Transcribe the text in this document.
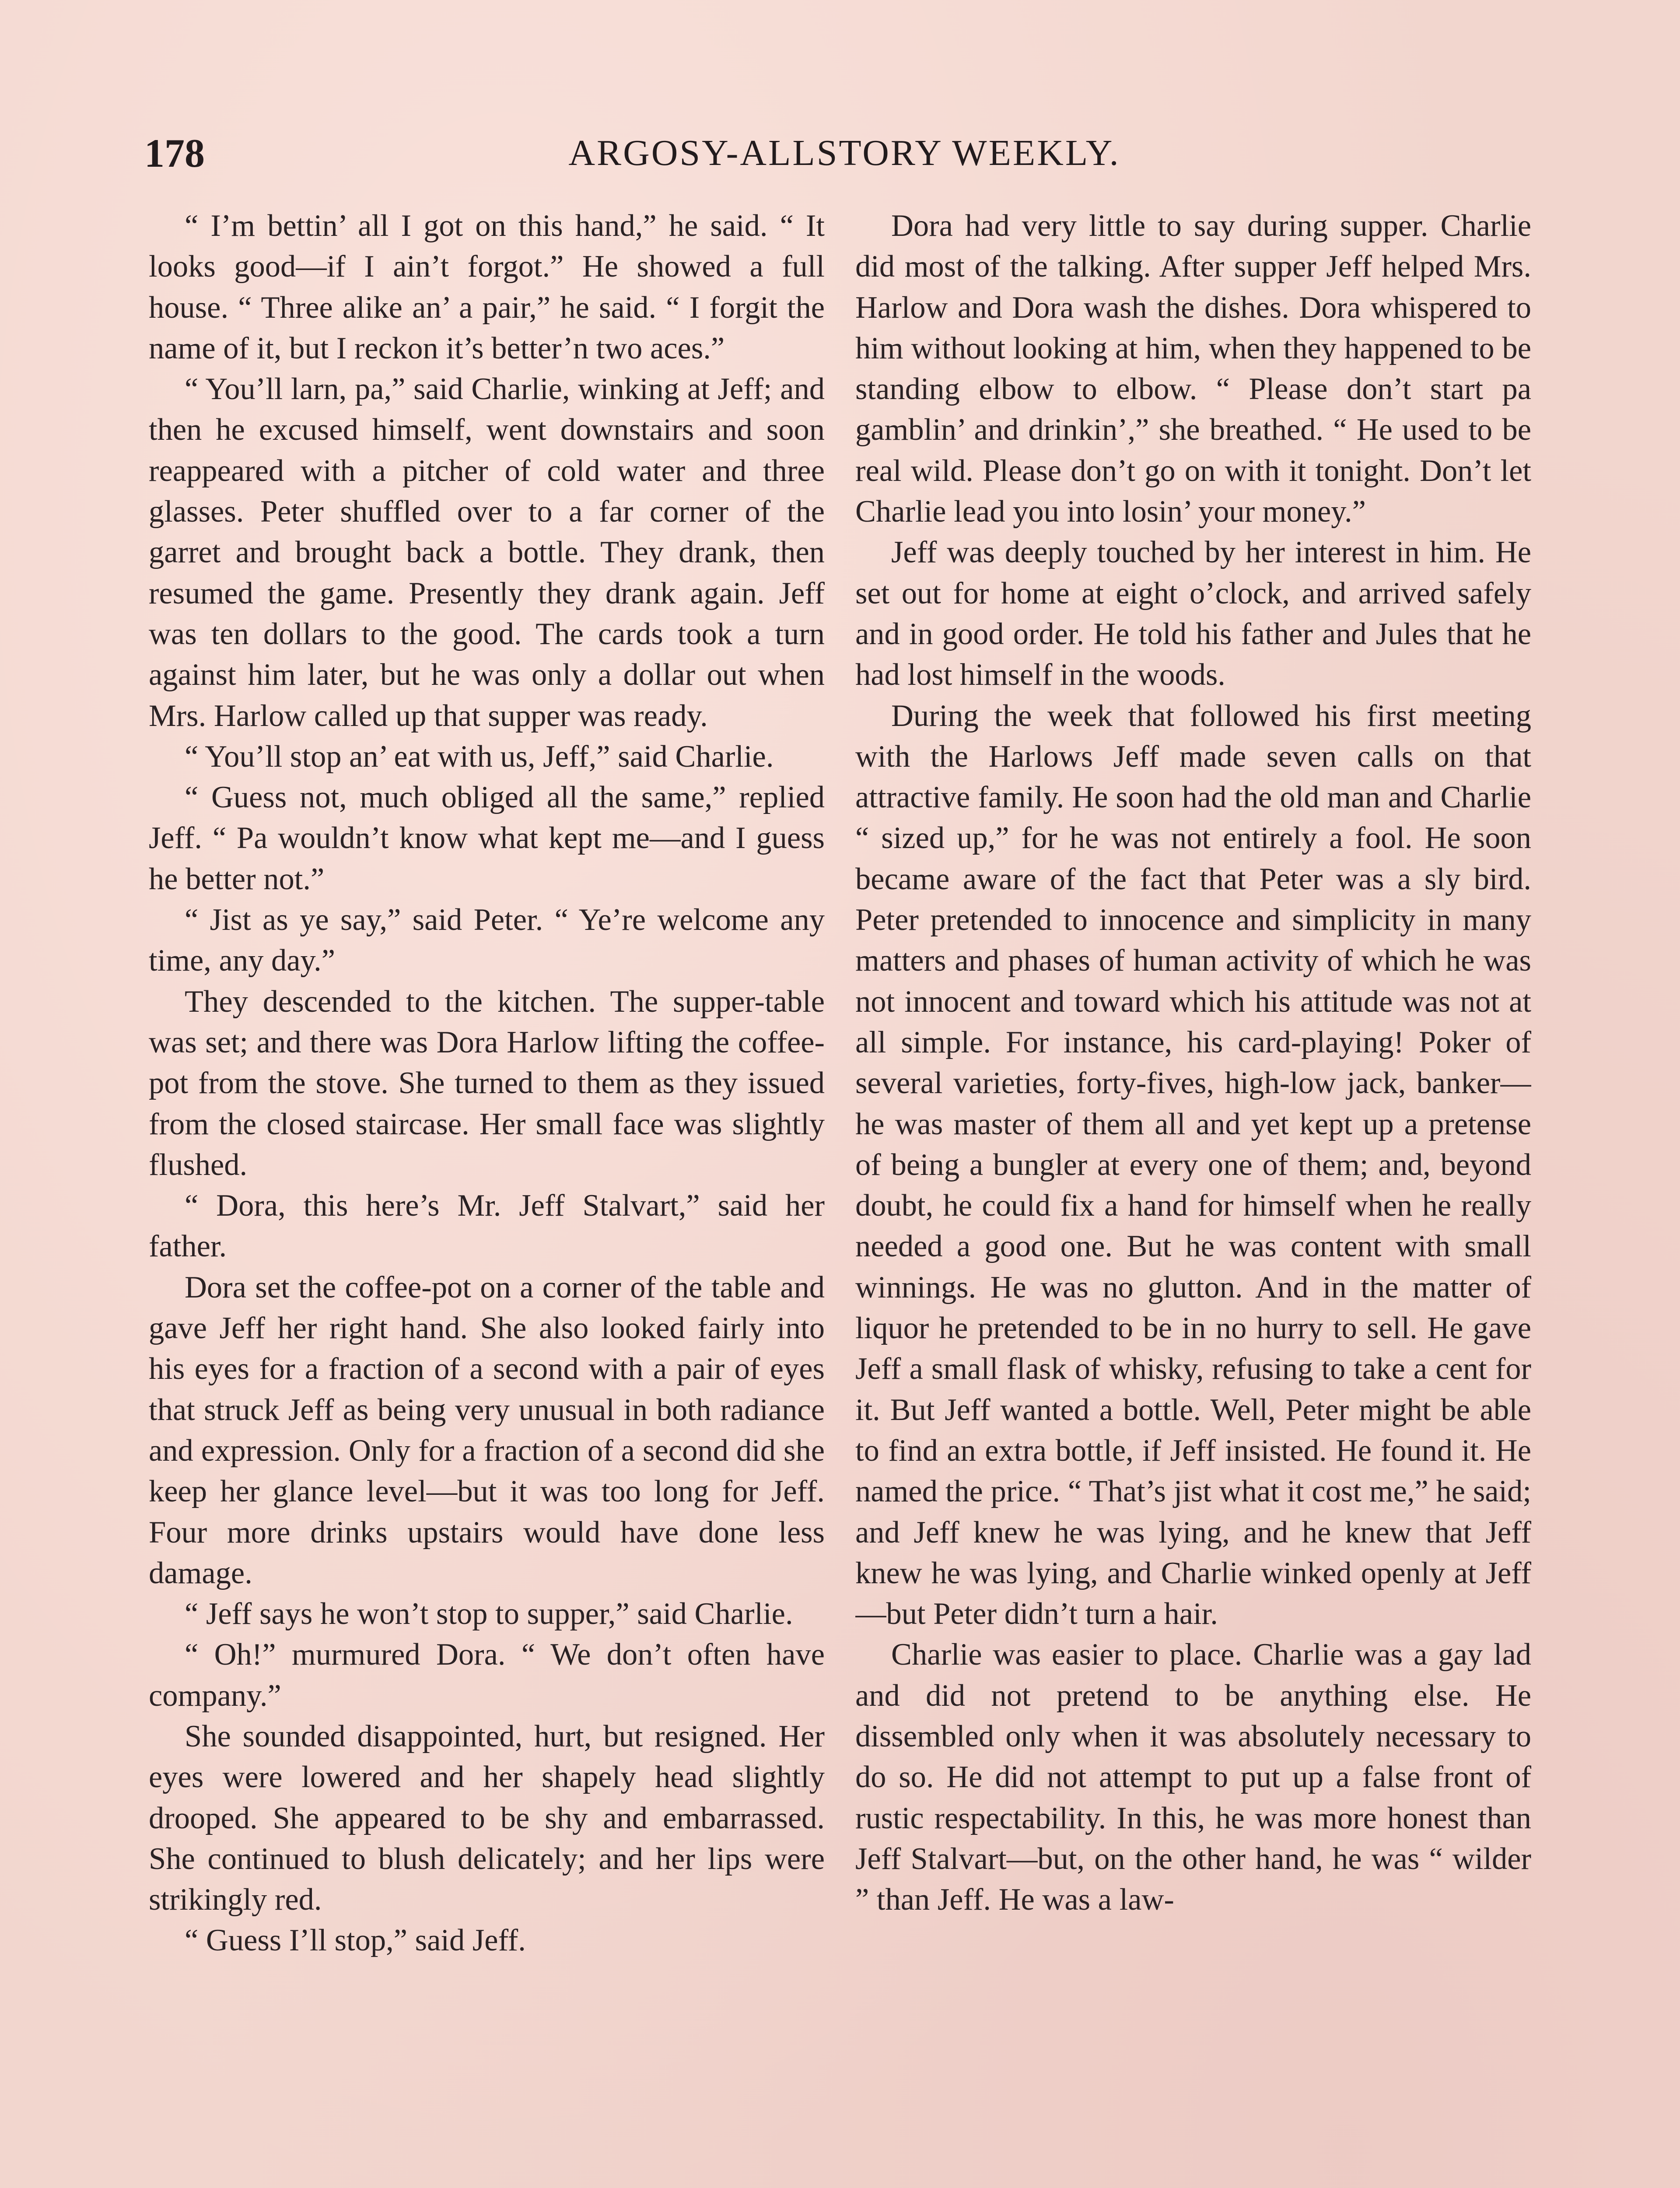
178	ARGOSY-ALLSTORY WEEKLY.

“ I’m bettin’ all I got on this hand,” he said. “ It looks good—if I ain’t forgot.” He showed a full house. “ Three alike an’ a pair,” he said. “ I forgit the name of it, but I reckon it’s better’n two aces.”

“ You’ll larn, pa,” said Charlie, winking at Jeff; and then he excused himself, went downstairs and soon reappeared with a pitcher of cold water and three glasses. Peter shuffled over to a far corner of the garret and brought back a bottle. They drank, then resumed the game. Presently they drank again. Jeff was ten dollars to the good. The cards took a turn against him later, but he was only a dollar out when Mrs. Harlow called up that supper was ready.

“ You’ll stop an’ eat with us, Jeff,” said Charlie.

“ Guess not, much obliged all the same,” replied Jeff. “ Pa wouldn’t know what kept me—and I guess he better not.”

“ Jist as ye say,” said Peter. “ Ye’re welcome any time, any day.”

They descended to the kitchen. The supper-table was set; and there was Dora Harlow lifting the coffee-pot from the stove. She turned to them as they issued from the closed staircase. Her small face was slightly flushed.

“ Dora, this here’s Mr. Jeff Stalvart,” said her father.

Dora set the coffee-pot on a corner of the table and gave Jeff her right hand. She also looked fairly into his eyes for a fraction of a second with a pair of eyes that struck Jeff as being very unusual in both radiance and expression. Only for a fraction of a second did she keep her glance level—but it was too long for Jeff. Four more drinks upstairs would have done less damage.

“ Jeff says he won’t stop to supper,” said Charlie.

“ Oh!” murmured Dora. “ We don’t often have company.”

She sounded disappointed, hurt, but resigned. Her eyes were lowered and her shapely head slightly drooped. She appeared to be shy and embarrassed. She continued to blush delicately; and her lips were strikingly red.

“ Guess I’ll stop,” said Jeff.

Dora had very little to say during supper. Charlie did most of the talking. After supper Jeff helped Mrs. Harlow and Dora wash the dishes. Dora whispered to him without looking at him, when they happened to be standing elbow to elbow. “ Please don’t start pa gamblin’ and drinkin’,” she breathed. “ He used to be real wild. Please don’t go on with it tonight. Don’t let Charlie lead you into losin’ your money.”

Jeff was deeply touched by her interest in him. He set out for home at eight o’clock, and arrived safely and in good order. He told his father and Jules that he had lost himself in the woods.

During the week that followed his first meeting with the Harlows Jeff made seven calls on that attractive family. He soon had the old man and Charlie “ sized up,” for he was not entirely a fool. He soon became aware of the fact that Peter was a sly bird. Peter pretended to innocence and simplicity in many matters and phases of human activity of which he was not innocent and toward which his attitude was not at all simple. For instance, his card-playing! Poker of several varieties, forty-fives, high-low jack, banker—he was master of them all and yet kept up a pretense of being a bungler at every one of them; and, beyond doubt, he could fix a hand for himself when he really needed a good one. But he was content with small winnings. He was no glutton. And in the matter of liquor he pretended to be in no hurry to sell. He gave Jeff a small flask of whisky, refusing to take a cent for it. But Jeff wanted a bottle. Well, Peter might be able to find an extra bottle, if Jeff insisted. He found it. He named the price. “ That’s jist what it cost me,” he said; and Jeff knew he was lying, and he knew that Jeff knew he was lying, and Charlie winked openly at Jeff—but Peter didn’t turn a hair.

Charlie was easier to place. Charlie was a gay lad and did not pretend to be anything else. He dissembled only when it was absolutely necessary to do so. He did not attempt to put up a false front of rustic respectability. In this, he was more honest than Jeff Stalvart—but, on the other hand, he was “ wilder ” than Jeff. He was a law-
